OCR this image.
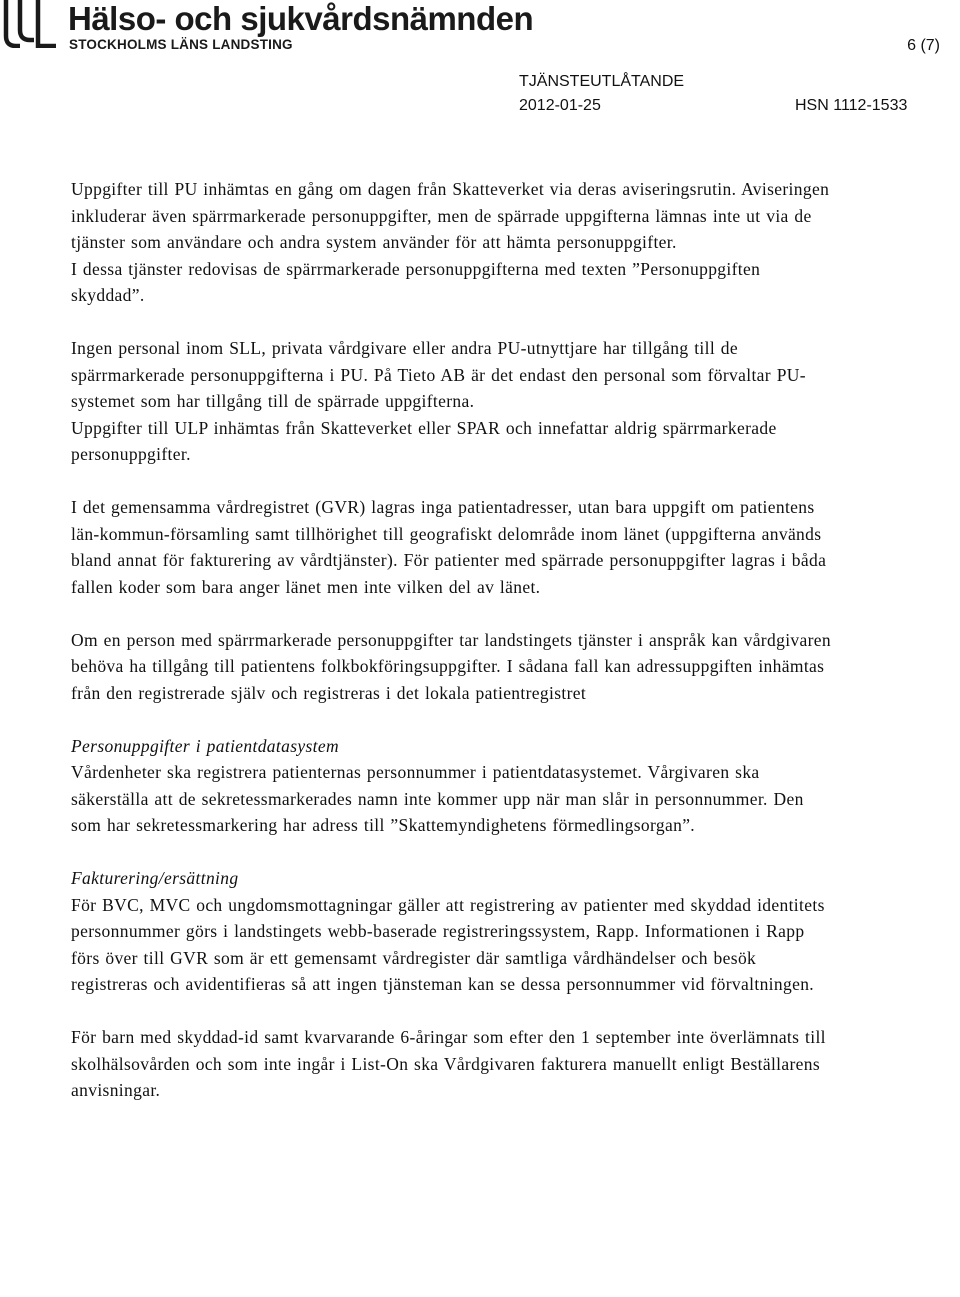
Hälso- och sjukvårdsnämnden
STOCKHOLMS LÄNS LANDSTING	6 (7)
TJÄNSTEUTLÅTANDE
2012-01-25	HSN 1112-1533

Uppgifter till PU inhämtas en gång om dagen från Skatteverket via deras aviseringsrutin. Aviseringen inkluderar även spärrmarkerade personuppgifter, men de spärrade uppgifterna lämnas inte ut via de tjänster som användare och andra system använder för att hämta personuppgifter.

I dessa tjänster redovisas de spärrmarkerade personuppgifterna med texten ”Personuppgiften skyddad”.

Ingen personal inom SLL, privata vårdgivare eller andra PU-utnyttjare har tillgång till de spärrmarkerade personuppgifterna i PU. På Tieto AB är det endast den personal som förvaltar PU-systemet som har tillgång till de spärrade uppgifterna.

Uppgifter till ULP inhämtas från Skatteverket eller SPAR och innefattar aldrig spärrmarkerade personuppgifter.

I det gemensamma vårdregistret (GVR) lagras inga patientadresser, utan bara uppgift om patientens län-kommun-församling samt tillhörighet till geografiskt delområde inom länet (uppgifterna används bland annat för fakturering av vårdtjänster). För patienter med spärrade personuppgifter lagras i båda fallen koder som bara anger länet men inte vilken del av länet.

Om en person med spärrmarkerade personuppgifter tar landstingets tjänster i anspråk kan vårdgivaren behöva ha tillgång till patientens folkbokföringsuppgifter. I sådana fall kan adressuppgiften inhämtas från den registrerade själv och registreras i det lokala patientregistret

Personuppgifter i patientdatasystem

Vårdenheter ska registrera patienternas personnummer i patientdatasystemet. Vårgivaren ska säkerställa att de sekretessmarkerades namn inte kommer upp när man slår in personnummer. Den som har sekretessmarkering har adress till ”Skattemyndighetens förmedlingsorgan”.

Fakturering/ersättning

För BVC, MVC och ungdomsmottagningar gäller att registrering av patienter med skyddad identitets personnummer görs i landstingets webb-baserade registreringssystem, Rapp. Informationen i Rapp förs över till GVR som är ett gemensamt vårdregister där samtliga vårdhändelser och besök registreras och avidentifieras så att ingen tjänsteman kan se dessa personnummer vid förvaltningen.

För barn med skyddad-id samt kvarvarande 6-åringar som efter den 1 september inte överlämnats till skolhälsovården och som inte ingår i List-On ska Vårdgivaren fakturera manuellt enligt Beställarens anvisningar.
